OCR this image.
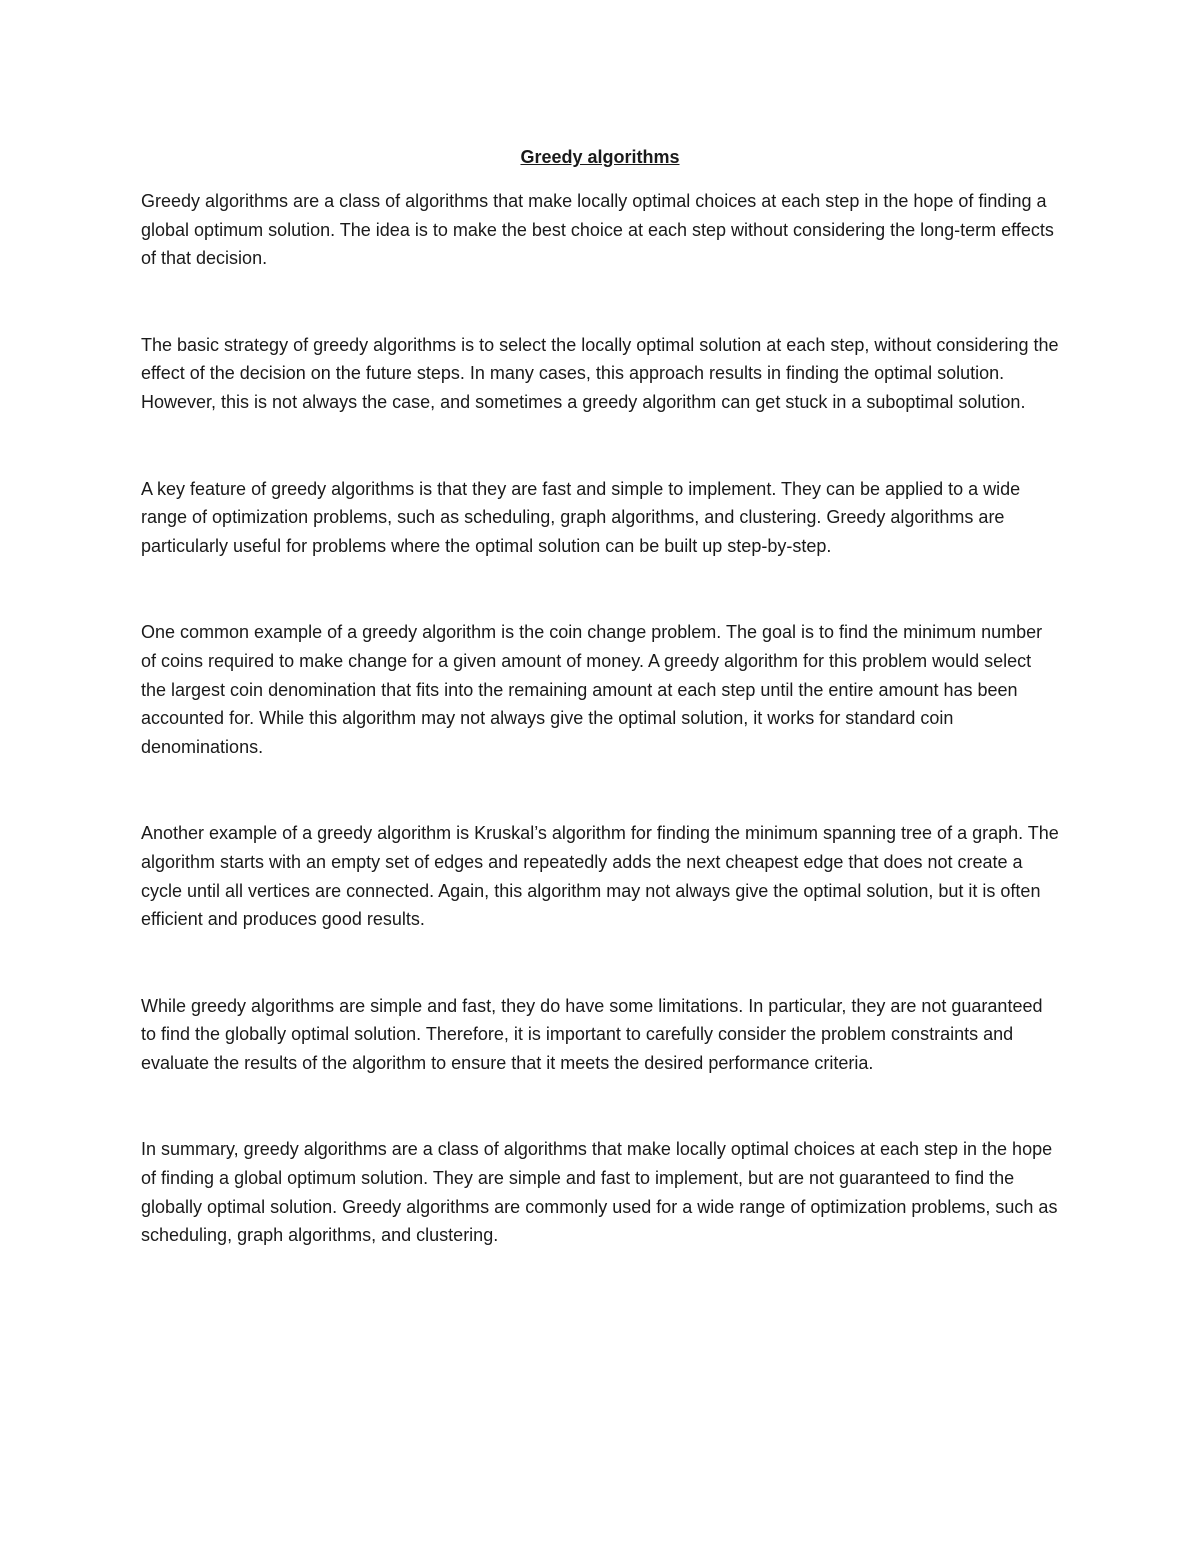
Greedy algorithms

Greedy algorithms are a class of algorithms that make locally optimal choices at each step in the hope of finding a global optimum solution. The idea is to make the best choice at each step without considering the long-term effects of that decision.

The basic strategy of greedy algorithms is to select the locally optimal solution at each step, without considering the effect of the decision on the future steps. In many cases, this approach results in finding the optimal solution. However, this is not always the case, and sometimes a greedy algorithm can get stuck in a suboptimal solution.

A key feature of greedy algorithms is that they are fast and simple to implement. They can be applied to a wide range of optimization problems, such as scheduling, graph algorithms, and clustering. Greedy algorithms are particularly useful for problems where the optimal solution can be built up step-by-step.

One common example of a greedy algorithm is the coin change problem. The goal is to find the minimum number of coins required to make change for a given amount of money. A greedy algorithm for this problem would select the largest coin denomination that fits into the remaining amount at each step until the entire amount has been accounted for. While this algorithm may not always give the optimal solution, it works for standard coin denominations.

Another example of a greedy algorithm is Kruskal’s algorithm for finding the minimum spanning tree of a graph. The algorithm starts with an empty set of edges and repeatedly adds the next cheapest edge that does not create a cycle until all vertices are connected. Again, this algorithm may not always give the optimal solution, but it is often efficient and produces good results.

While greedy algorithms are simple and fast, they do have some limitations. In particular, they are not guaranteed to find the globally optimal solution. Therefore, it is important to carefully consider the problem constraints and evaluate the results of the algorithm to ensure that it meets the desired performance criteria.

In summary, greedy algorithms are a class of algorithms that make locally optimal choices at each step in the hope of finding a global optimum solution. They are simple and fast to implement, but are not guaranteed to find the globally optimal solution. Greedy algorithms are commonly used for a wide range of optimization problems, such as scheduling, graph algorithms, and clustering.
